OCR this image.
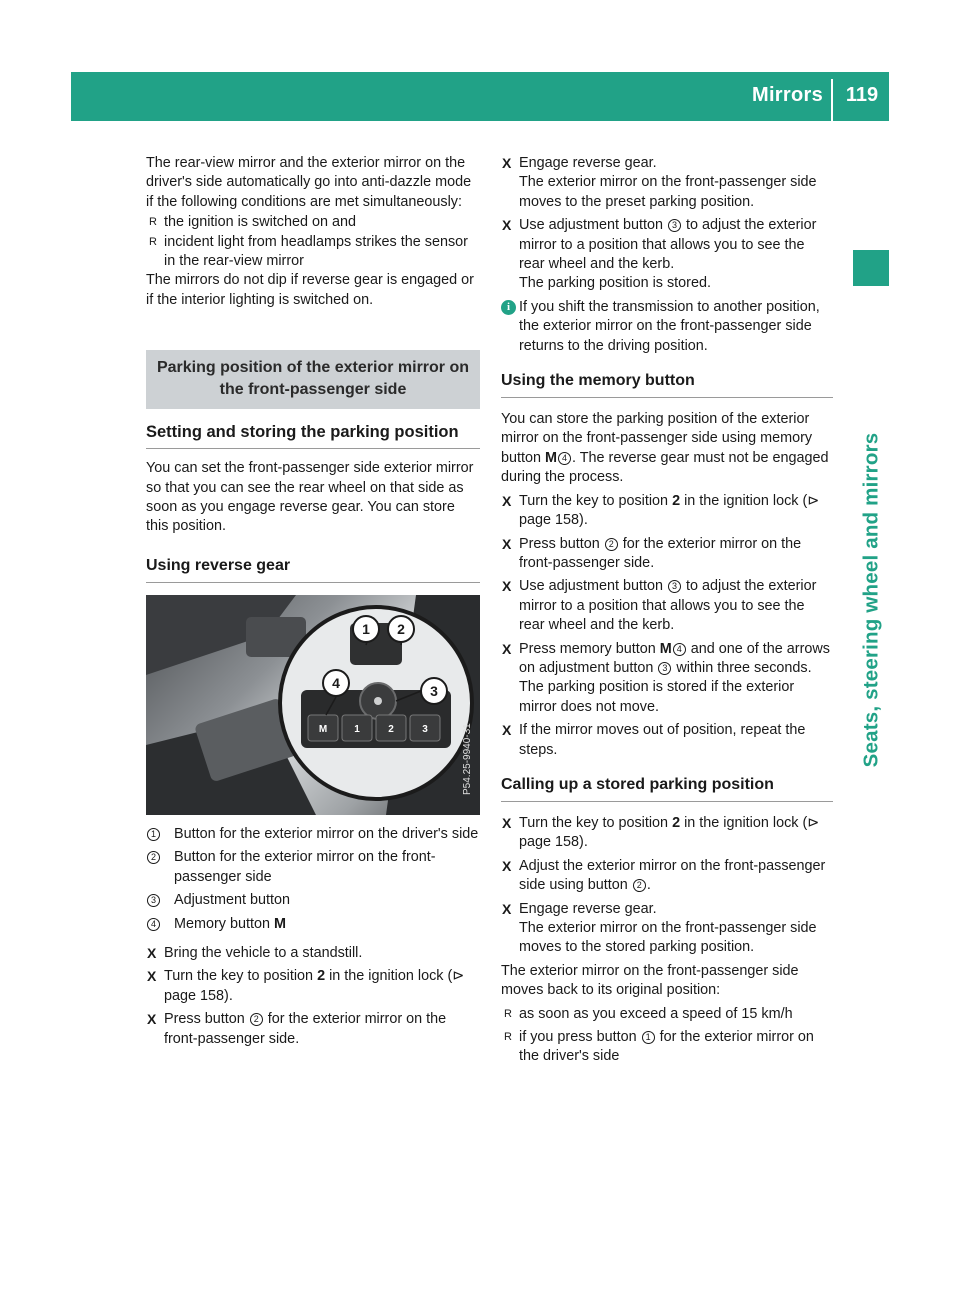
Mirrors	119
Seats, steering wheel and mirrors

The rear-view mirror and the exterior mirror on the driver's side automatically go into anti-dazzle mode if the following conditions are met simultaneously:

R the ignition is switched on and
R incident light from headlamps strikes the sensor in the rear-view mirror

The mirrors do not dip if reverse gear is engaged or if the interior lighting is switched on.

Parking position of the exterior mirror on the front-passenger side
Setting and storing the parking position

You can set the front-passenger side exterior mirror so that you can see the rear wheel on that side as soon as you engage reverse gear. You can store this position.

Using reverse gear
M	1	2	3
1 2
3
4
P54.25-9940-31
1 Button for the exterior mirror on the driver's side
2 Button for the exterior mirror on the front-passenger side
3 Adjustment button
4 Memory button M
X Bring the vehicle to a standstill.
X Turn the key to position 2 in the ignition lock (⊳ page 158).
X Press button 2 for the exterior mirror on the front-passenger side.
X Engage reverse gear.
The exterior mirror on the front-passenger side moves to the preset parking position.
X Use adjustment button 3 to adjust the exterior mirror to a position that allows you to see the rear wheel and the kerb.
The parking position is stored.
i If you shift the transmission to another position, the exterior mirror on the front-passenger side returns to the driving position.
Using the memory button

You can store the parking position of the exterior mirror on the front-passenger side using memory button M 4 . The reverse gear must not be engaged during the process.

X Turn the key to position 2 in the ignition lock (⊳ page 158).
X Press button 2 for the exterior mirror on the front-passenger side.
X Use adjustment button 3 to adjust the exterior mirror to a position that allows you to see the rear wheel and the kerb.
X Press memory button M 4 and one of the arrows on adjustment button 3 within three seconds.
The parking position is stored if the exterior mirror does not move.
X If the mirror moves out of position, repeat the steps.
Calling up a stored parking position
X Turn the key to position 2 in the ignition lock (⊳ page 158).
X Adjust the exterior mirror on the front-passenger side using button 2 .
X Engage reverse gear.
The exterior mirror on the front-passenger side moves to the stored parking position.

The exterior mirror on the front-passenger side moves back to its original position:

R as soon as you exceed a speed of 15 km/h
R if you press button 1 for the exterior mirror on the driver's side
